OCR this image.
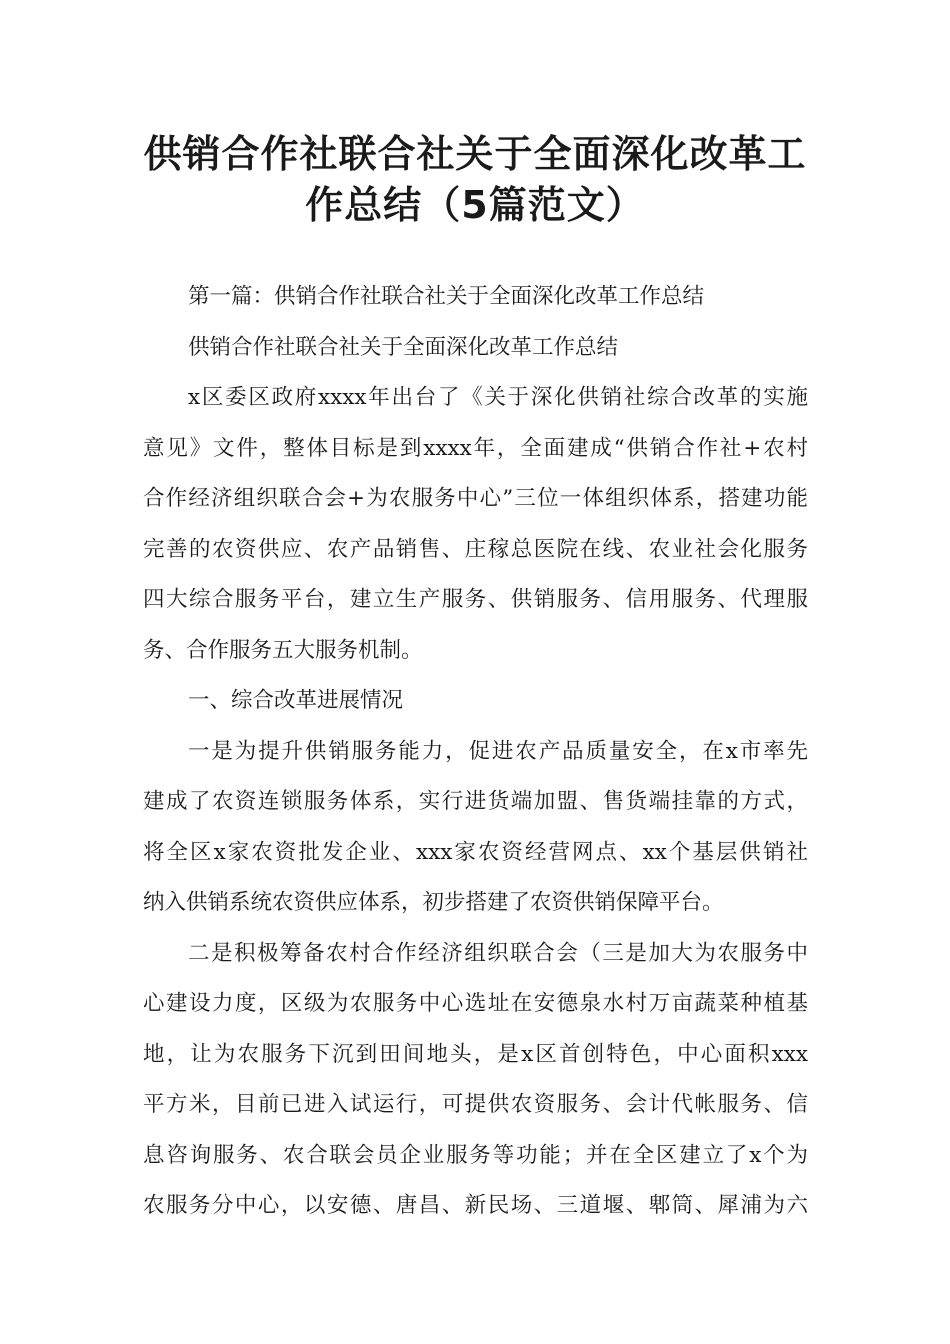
供销合作社联合社关于全面深化改革工
作总结（5篇范文）
第一篇：供销合作社联合社关于全面深化改革工作总结
供销合作社联合社关于全面深化改革工作总结
x区委区政府xxxx年出台了《关于深化供销社综合改革的实施
意见》文件，整体目标是到xxxx年，全面建成“供销合作社+农村
合作经济组织联合会+为农服务中心”三位一体组织体系，搭建功能
完善的农资供应、农产品销售、庄稼总医院在线、农业社会化服务
四大综合服务平台，建立生产服务、供销服务、信用服务、代理服
务、合作服务五大服务机制。
一、综合改革进展情况
一是为提升供销服务能力，促进农产品质量安全，在x市率先
建成了农资连锁服务体系，实行进货端加盟、售货端挂靠的方式，
将全区x家农资批发企业、xxx家农资经营网点、xx个基层供销社
纳入供销系统农资供应体系，初步搭建了农资供销保障平台。
二是积极筹备农村合作经济组织联合会（三是加大为农服务中
心建设力度，区级为农服务中心选址在安德泉水村万亩蔬菜种植基
地，让为农服务下沉到田间地头，是x区首创特色，中心面积xxx
平方米，目前已进入试运行，可提供农资服务、会计代帐服务、信
息咨询服务、农合联会员企业服务等功能；并在全区建立了x个为
农服务分中心，以安德、唐昌、新民场、三道堰、郫筒、犀浦为六
